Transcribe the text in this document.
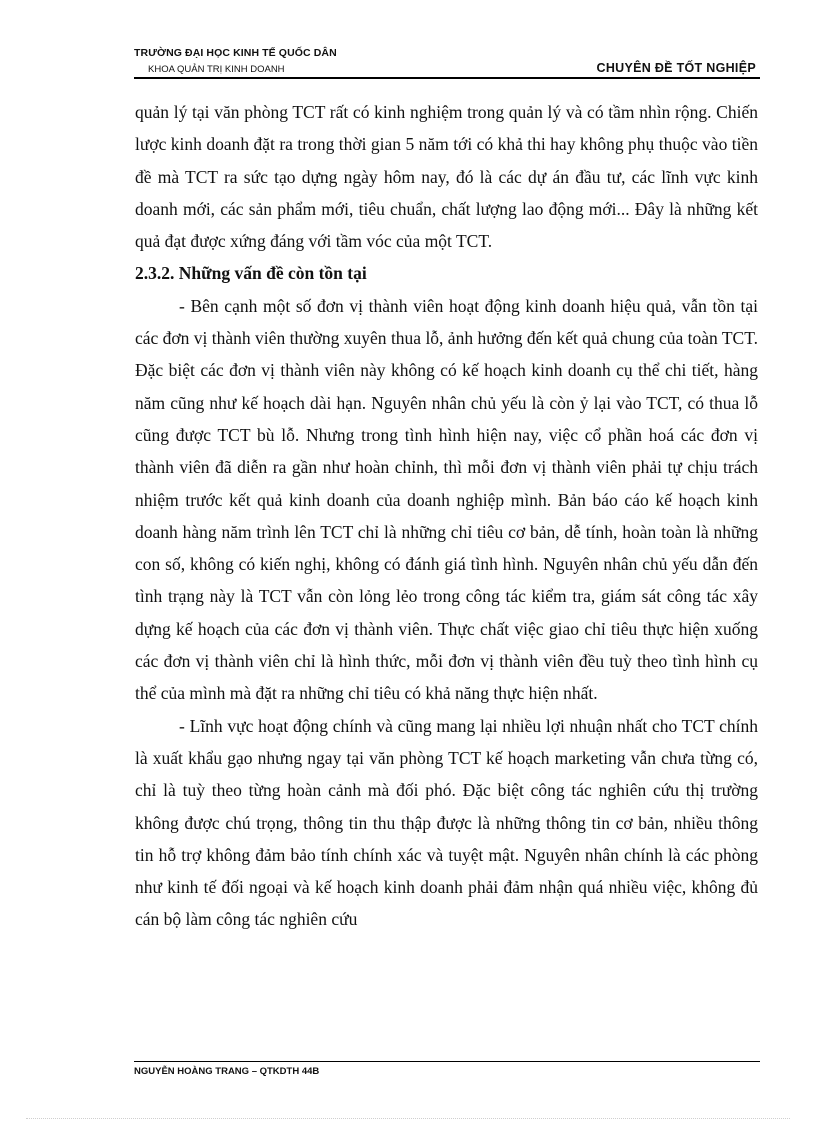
TRƯỜNG ĐẠI HỌC KINH TẾ QUỐC DÂN
KHOA QUẢN TRỊ KINH DOANH	CHUYÊN ĐỀ TỐT NGHIỆP

quản lý tại văn phòng TCT rất có kinh nghiệm trong quản lý và có tầm nhìn rộng. Chiến lược kinh doanh đặt ra trong thời gian 5 năm tới có khả thi hay không phụ thuộc vào tiền đề mà TCT ra sức tạo dựng ngày hôm nay, đó là các dự án đầu tư, các lĩnh vực kinh doanh mới, các sản phẩm mới, tiêu chuẩn, chất lượng lao động mới... Đây là những kết quả đạt được xứng đáng với tầm vóc của một TCT.

2.3.2. Những vấn đề còn tồn tại

- Bên cạnh một số đơn vị thành viên hoạt động kinh doanh hiệu quả, vẫn tồn tại các đơn vị thành viên thường xuyên thua lỗ, ảnh hưởng đến kết quả chung của toàn TCT. Đặc biệt các đơn vị thành viên này không có kế hoạch kinh doanh cụ thể chi tiết, hàng năm cũng như kế hoạch dài hạn. Nguyên nhân chủ yếu là còn ỷ lại vào TCT, có thua lỗ cũng được TCT bù lỗ. Nhưng trong tình hình hiện nay, việc cổ phần hoá các đơn vị thành viên đã diễn ra gần như hoàn chỉnh, thì mỗi đơn vị thành viên phải tự chịu trách nhiệm trước kết quả kinh doanh của doanh nghiệp mình. Bản báo cáo kế hoạch kinh doanh hàng năm trình lên TCT chỉ là những chỉ tiêu cơ bản, dễ tính, hoàn toàn là những con số, không có kiến nghị, không có đánh giá tình hình. Nguyên nhân chủ yếu dẫn đến tình trạng này là TCT vẫn còn lỏng lẻo trong công tác kiểm tra, giám sát công tác xây dựng kế hoạch của các đơn vị thành viên. Thực chất việc giao chỉ tiêu thực hiện xuống các đơn vị thành viên chỉ là hình thức, mỗi đơn vị thành viên đều tuỳ theo tình hình cụ thể của mình mà đặt ra những chỉ tiêu có khả năng thực hiện nhất.

- Lĩnh vực hoạt động chính và cũng mang lại nhiều lợi nhuận nhất cho TCT chính là xuất khẩu gạo nhưng ngay tại văn phòng TCT kế hoạch marketing vẫn chưa từng có, chỉ là tuỳ theo từng hoàn cảnh mà đối phó. Đặc biệt công tác nghiên cứu thị trường không được chú trọng, thông tin thu thập được là những thông tin cơ bản, nhiều thông tin hỗ trợ không đảm bảo tính chính xác và tuyệt mật. Nguyên nhân chính là các phòng như kinh tế đối ngoại và kế hoạch kinh doanh phải đảm nhận quá nhiều việc, không đủ cán bộ làm công tác nghiên cứu

NGUYỄN HOÀNG TRANG – QTKDTH 44B
